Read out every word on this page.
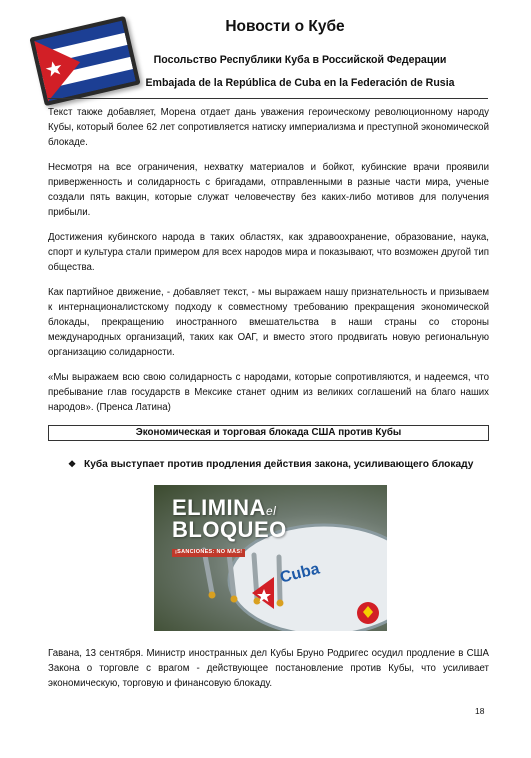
Новости о Кубе
Посольство Республики Куба в Российской Федерации
Embajada de la República de Cuba en la Federación de Rusia

Текст также добавляет, Морена отдает дань уважения героическому революционному народу Кубы, который более 62 лет сопротивляется натиску империализма и преступной экономической блокаде.

Несмотря на все ограничения, нехватку материалов и бойкот, кубинские врачи проявили приверженность и солидарность с бригадами, отправленными в разные части мира, ученые создали пять вакцин, которые служат человечеству без каких-либо мотивов для получения прибыли.

Достижения кубинского народа в таких областях, как здравоохранение, образование, наука, спорт и культура стали примером для всех народов мира и показывают, что возможен другой тип общества.

Как партийное движение, - добавляет текст, - мы выражаем нашу признательность и призываем к интернационалистскому подходу к совместному требованию прекращения экономической блокады, прекращению иностранного вмешательства в наши страны со стороны международных организаций, таких как ОАГ, и вместо этого продвигать новую региональную организацию солидарности.

«Мы выражаем всю свою солидарность с народами, которые сопротивляются, и надеемся, что пребывание глав государств в Мексике станет одним из великих соглашений на благо наших народов». (Пренса Латина)

Экономическая и торговая блокада США против Кубы
❖ Куба выступает против продления действия закона, усиливающего блокаду
ELIMINAel
BLOQUEO
¡SANCIONES: NO MÁS!
Cuba
Гавана, 13 сентября. Министр иностранных дел Кубы Бруно Родригес осудил продление в США Закона о торговле с врагом - действующее постановление против Кубы, что усиливает экономическую, торговую и финансовую блокаду.
18
